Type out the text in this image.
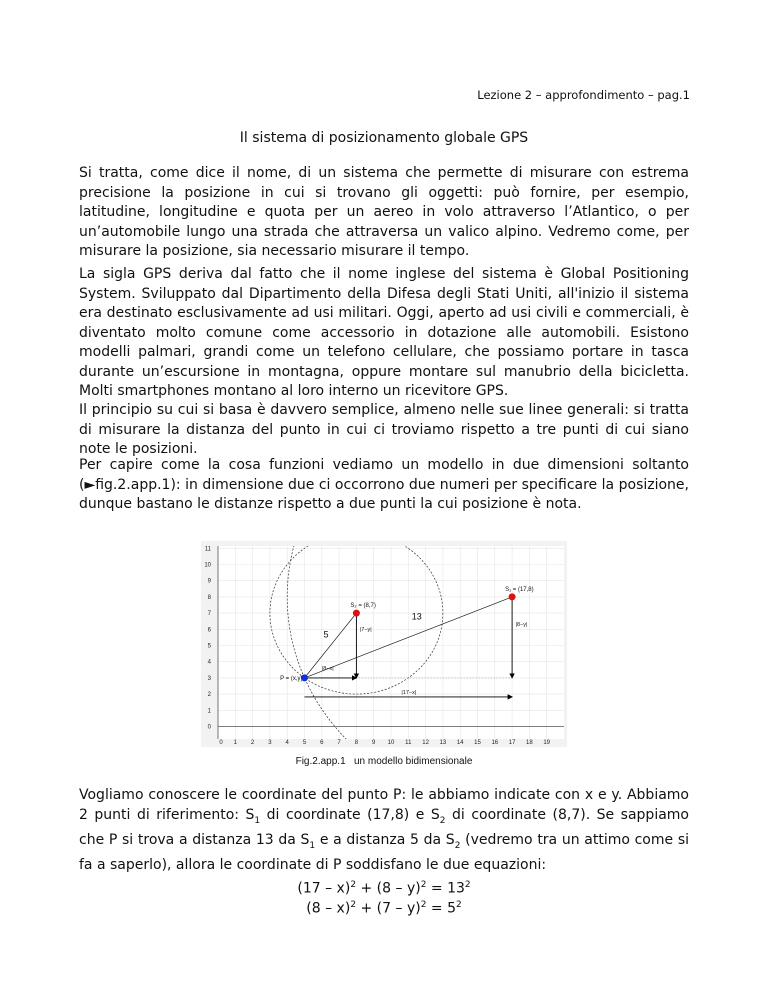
Lezione 2 – approfondimento – pag.1
Il sistema di posizionamento globale GPS

Si tratta, come dice il nome, di un sistema che permette di misurare con estrema precisione la posizione in cui si trovano gli oggetti: può fornire, per esempio, latitudine, longitudine e quota per un aereo in volo attraverso l’Atlantico, o per un’automobile lungo una strada che attraversa un valico alpino. Vedremo come, per misurare la posizione, sia necessario misurare il tempo.

La sigla GPS deriva dal fatto che il nome inglese del sistema è Global Positioning System. Sviluppato dal Dipartimento della Difesa degli Stati Uniti, all'inizio il sistema era destinato esclusivamente ad usi militari. Oggi, aperto ad usi civili e commerciali, è diventato molto comune come accessorio in dotazione alle automobili. Esistono modelli palmari, grandi come un telefono cellulare, che possiamo portare in tasca durante un’escursione in montagna, oppure montare sul manubrio della bicicletta. Molti smartphones montano al loro interno un ricevitore GPS.

Il principio su cui si basa è davvero semplice, almeno nelle sue linee generali: si tratta di misurare la distanza del punto in cui ci troviamo rispetto a tre punti di cui siano note le posizioni.

Per capire come la cosa funzioni vediamo un modello in due dimensioni soltanto (►fig.2.app.1): in dimensione due ci occorrono due numeri per specificare la posizione, dunque bastano le distanze rispetto a due punti la cui posizione è nota.

0 1 2 3 4 5 6 7 8 9 10 11 12 13 14 15 16 17 18 19
0
1
2
3
4
5
6
7
8
9
10
11
13
5	|7−y|
|8−y|
|8−x|
|17−x|
S₁ = (17,8)
S₂ = (8,7)
P = (x,y)
Fig.2.app.1 un modello bidimensionale

Vogliamo conoscere le coordinate del punto P: le abbiamo indicate con x e y. Abbiamo 2 punti di riferimento: $S_1$ di coordinate (17,8) e $S_2$ di coordinate (8,7). Se sappiamo che P si trova a distanza 13 da $S_1$ e a distanza 5 da $S_2$ (vedremo tra un attimo come si fa a saperlo), allora le coordinate di P soddisfano le due equazioni:

$(17 - x)^2 + (8 - y)^2 = 13^2$
$(8 - x)^2 + (7 - y)^2 = 5^2$
